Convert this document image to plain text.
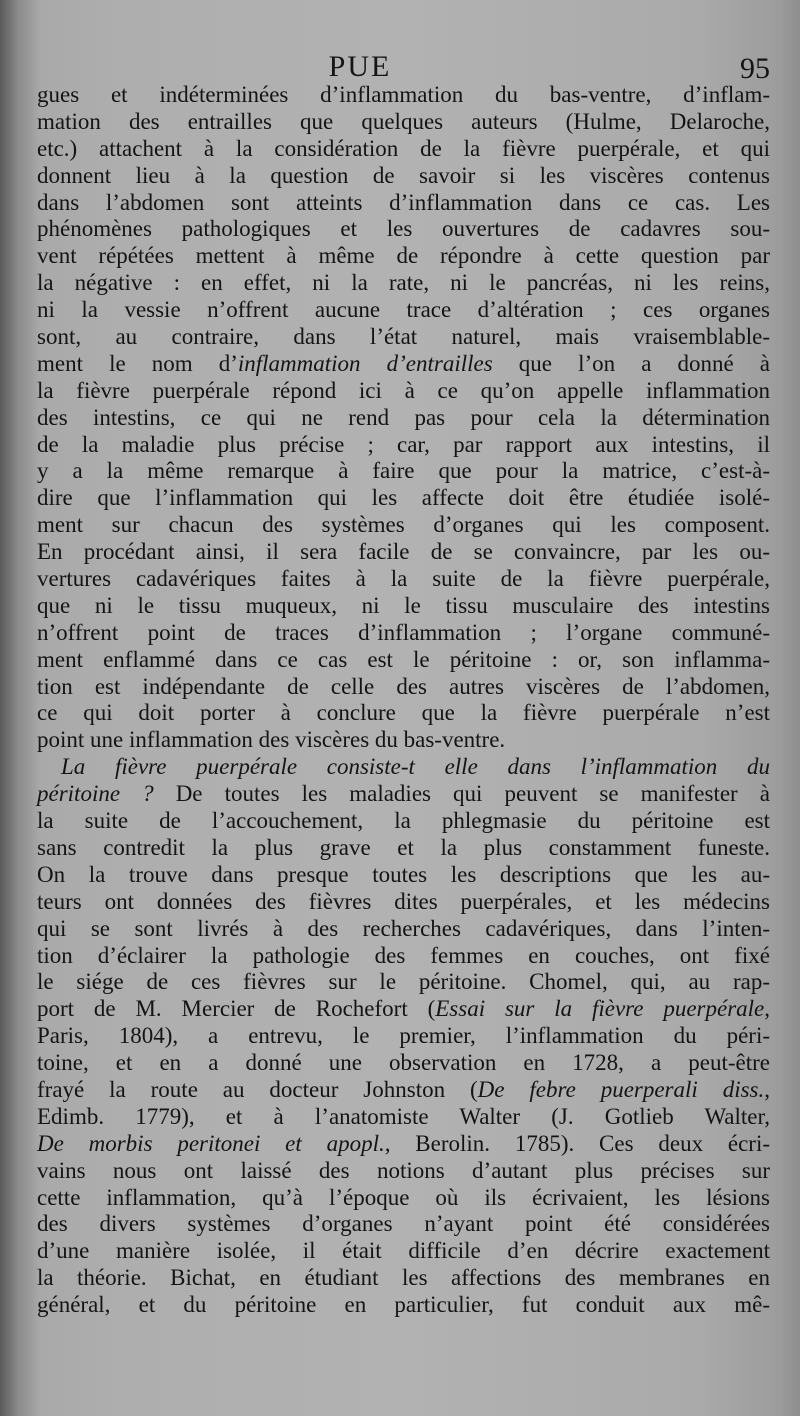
PUE	95
gues et indéterminées d’inflammation du bas-ventre, d’inflam-
mation des entrailles que quelques auteurs (Hulme, Delaroche,
etc.) attachent à la considération de la fièvre puerpérale, et qui
donnent lieu à la question de savoir si les viscères contenus
dans l’abdomen sont atteints d’inflammation dans ce cas. Les
phénomènes pathologiques et les ouvertures de cadavres sou-
vent répétées mettent à même de répondre à cette question par
la négative : en effet, ni la rate, ni le pancréas, ni les reins,
ni la vessie n’offrent aucune trace d’altération ; ces organes
sont, au contraire, dans l’état naturel, mais vraisemblable-
ment le nom d’inflammation d’entrailles que l’on a donné à
la fièvre puerpérale répond ici à ce qu’on appelle inflammation
des intestins, ce qui ne rend pas pour cela la détermination
de la maladie plus précise ; car, par rapport aux intestins, il
y a la même remarque à faire que pour la matrice, c’est-à-
dire que l’inflammation qui les affecte doit être étudiée isolé-
ment sur chacun des systèmes d’organes qui les composent.
En procédant ainsi, il sera facile de se convaincre, par les ou-
vertures cadavériques faites à la suite de la fièvre puerpérale,
que ni le tissu muqueux, ni le tissu musculaire des intestins
n’offrent point de traces d’inflammation ; l’organe communé-
ment enflammé dans ce cas est le péritoine : or, son inflamma-
tion est indépendante de celle des autres viscères de l’abdomen,
ce qui doit porter à conclure que la fièvre puerpérale n’est
point une inflammation des viscères du bas-ventre.
La fièvre puerpérale consiste-t elle dans l’inflammation du
péritoine ? De toutes les maladies qui peuvent se manifester à
la suite de l’accouchement, la phlegmasie du péritoine est
sans contredit la plus grave et la plus constamment funeste.
On la trouve dans presque toutes les descriptions que les au-
teurs ont données des fièvres dites puerpérales, et les médecins
qui se sont livrés à des recherches cadavériques, dans l’inten-
tion d’éclairer la pathologie des femmes en couches, ont fixé
le siége de ces fièvres sur le péritoine. Chomel, qui, au rap-
port de M. Mercier de Rochefort (Essai sur la fièvre puerpérale,
Paris, 1804), a entrevu, le premier, l’inflammation du péri-
toine, et en a donné une observation en 1728, a peut-être
frayé la route au docteur Johnston (De febre puerperali diss.,
Edimb. 1779), et à l’anatomiste Walter (J. Gotlieb Walter,
De morbis peritonei et apopl., Berolin. 1785). Ces deux écri-
vains nous ont laissé des notions d’autant plus précises sur
cette inflammation, qu’à l’époque où ils écrivaient, les lésions
des divers systèmes d’organes n’ayant point été considérées
d’une manière isolée, il était difficile d’en décrire exactement
la théorie. Bichat, en étudiant les affections des membranes en
général, et du péritoine en particulier, fut conduit aux mê-
